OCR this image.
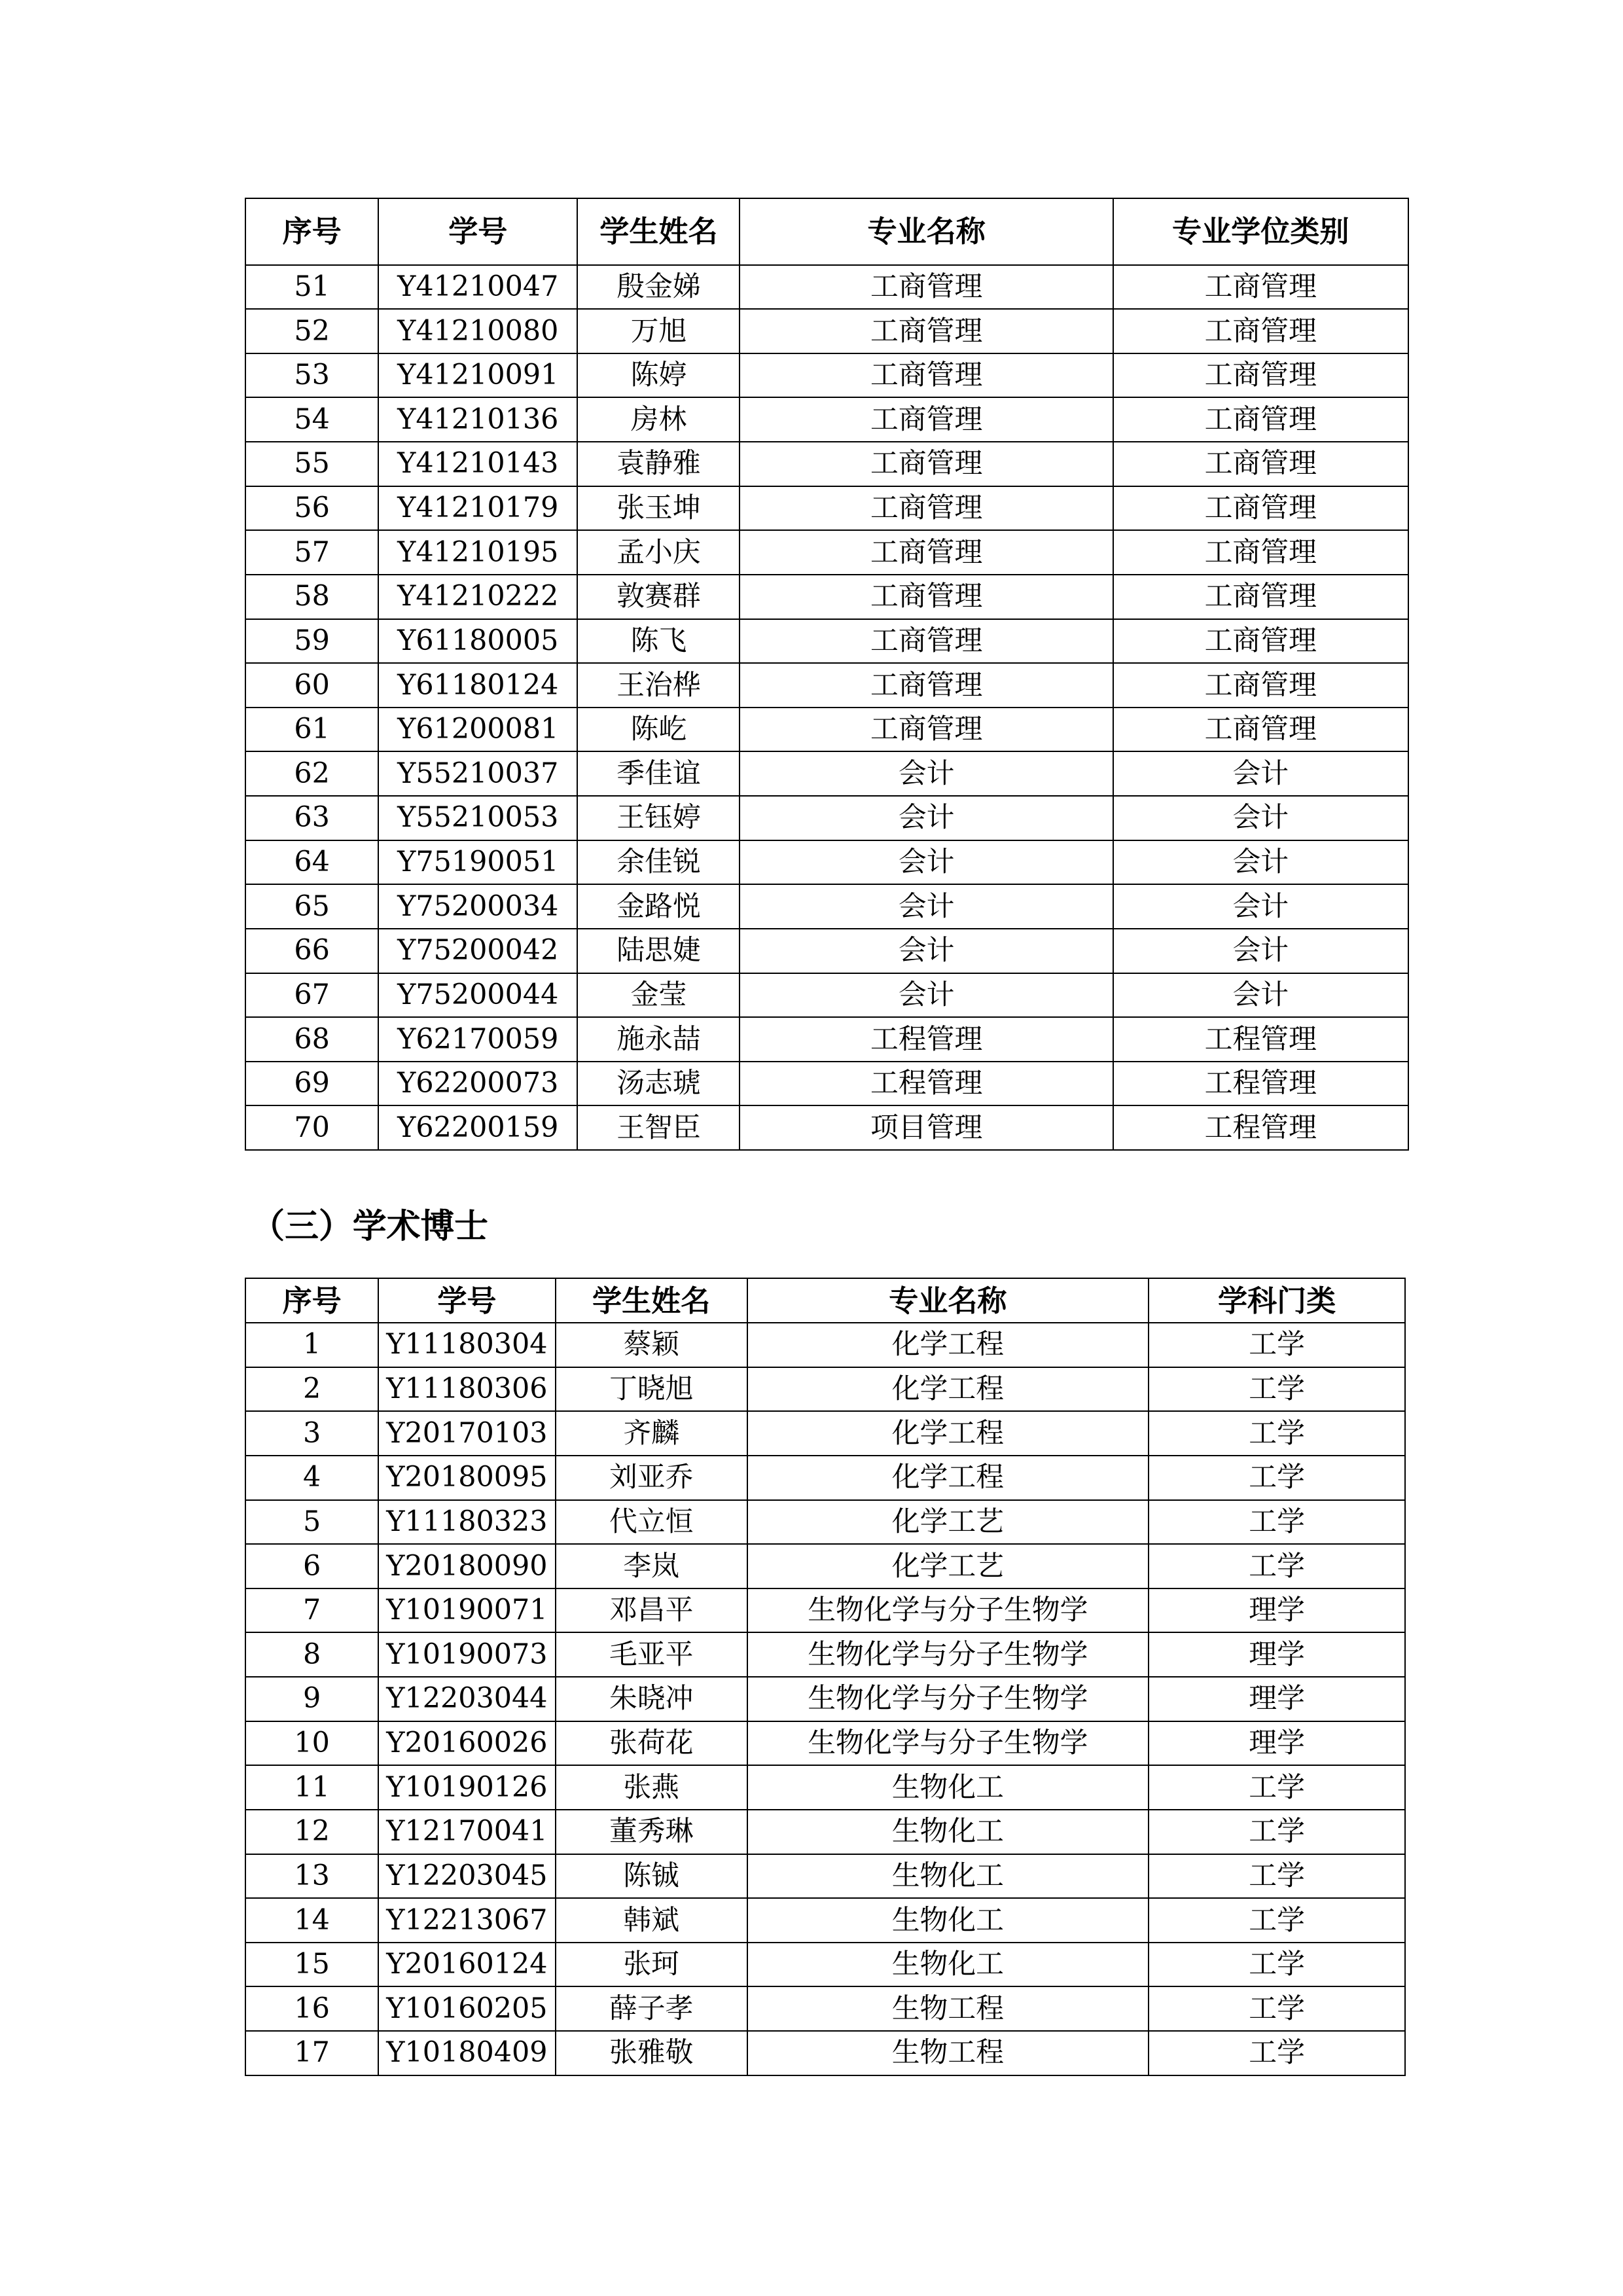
序号	学号	学生姓名	专业名称	专业学位类别
51	Y41210047	殷金娣	工商管理	工商管理
52	Y41210080	万旭	工商管理	工商管理
53	Y41210091	陈婷	工商管理	工商管理
54	Y41210136	房林	工商管理	工商管理
55	Y41210143	袁静雅	工商管理	工商管理
56	Y41210179	张玉坤	工商管理	工商管理
57	Y41210195	孟小庆	工商管理	工商管理
58	Y41210222	敦赛群	工商管理	工商管理
59	Y61180005	陈飞	工商管理	工商管理
60	Y61180124	王治桦	工商管理	工商管理
61	Y61200081	陈屹	工商管理	工商管理
62	Y55210037	季佳谊	会计	会计
63	Y55210053	王钰婷	会计	会计
64	Y75190051	余佳锐	会计	会计
65	Y75200034	金路悦	会计	会计
66	Y75200042	陆思婕	会计	会计
67	Y75200044	金莹	会计	会计
68	Y62170059	施永喆	工程管理	工程管理
69	Y62200073	汤志琥	工程管理	工程管理
70	Y62200159	王智臣	项目管理	工程管理
（三）学术博士
序号	学号	学生姓名	专业名称	学科门类
1	Y11180304	蔡颖	化学工程	工学
2	Y11180306	丁晓旭	化学工程	工学
3	Y20170103	齐麟	化学工程	工学
4	Y20180095	刘亚乔	化学工程	工学
5	Y11180323	代立恒	化学工艺	工学
6	Y20180090	李岚	化学工艺	工学
7	Y10190071	邓昌平	生物化学与分子生物学	理学
8	Y10190073	毛亚平	生物化学与分子生物学	理学
9	Y12203044	朱晓冲	生物化学与分子生物学	理学
10	Y20160026	张荷花	生物化学与分子生物学	理学
11	Y10190126	张燕	生物化工	工学
12	Y12170041	董秀琳	生物化工	工学
13	Y12203045	陈铖	生物化工	工学
14	Y12213067	韩斌	生物化工	工学
15	Y20160124	张珂	生物化工	工学
16	Y10160205	薛子孝	生物工程	工学
17	Y10180409	张雅敬	生物工程	工学
